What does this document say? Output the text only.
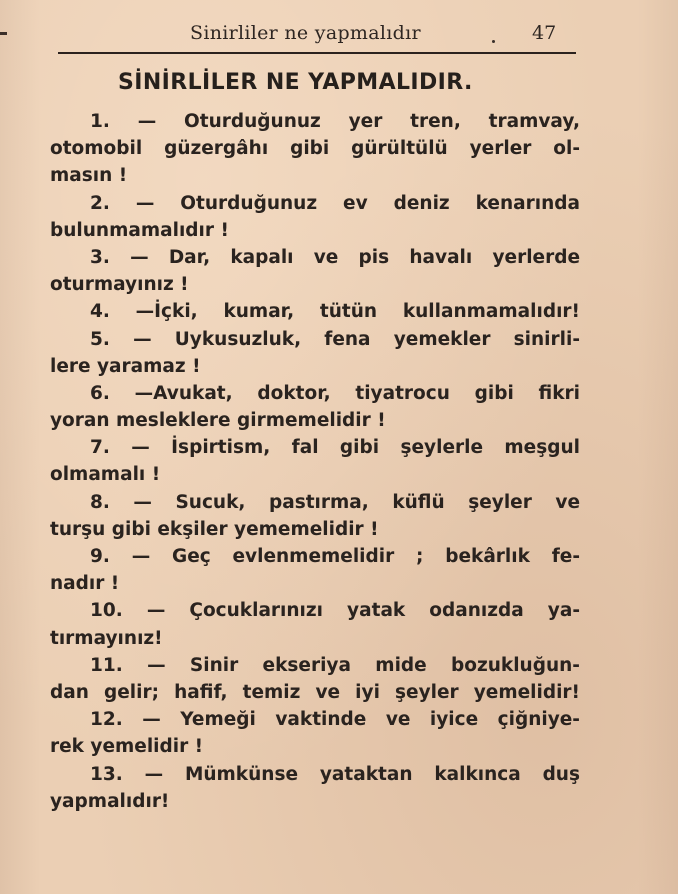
Sinirliler ne yapmalıdır	47
SİNİRLİLER NE YAPMALIDIR.
1. — Oturduğunuz yer tren, tramvay,
otomobil güzergâhı gibi gürültülü yerler ol-
masın !
2. — Oturduğunuz ev deniz kenarında
bulunmamalıdır !
3. — Dar, kapalı ve pis havalı yerlerde
oturmayınız !
4. —İçki, kumar, tütün kullanmamalıdır!
5. — Uykusuzluk, fena yemekler sinirli-
lere yaramaz !
6. —Avukat, doktor, tiyatrocu gibi fikri
yoran mesleklere girmemelidir !
7. — İspirtism, fal gibi şeylerle meşgul
olmamalı !
8. — Sucuk, pastırma, küflü şeyler ve
turşu gibi ekşiler yememelidir !
9. — Geç evlenmemelidir ; bekârlık fe-
nadır !
10. — Çocuklarınızı yatak odanızda ya-
tırmayınız!
11. — Sinir ekseriya mide bozukluğun-
dan gelir; hafif, temiz ve iyi şeyler yemelidir!
12. — Yemeği vaktinde ve iyice çiğniye-
rek yemelidir !
13. — Mümkünse yataktan kalkınca duş
yapmalıdır!
